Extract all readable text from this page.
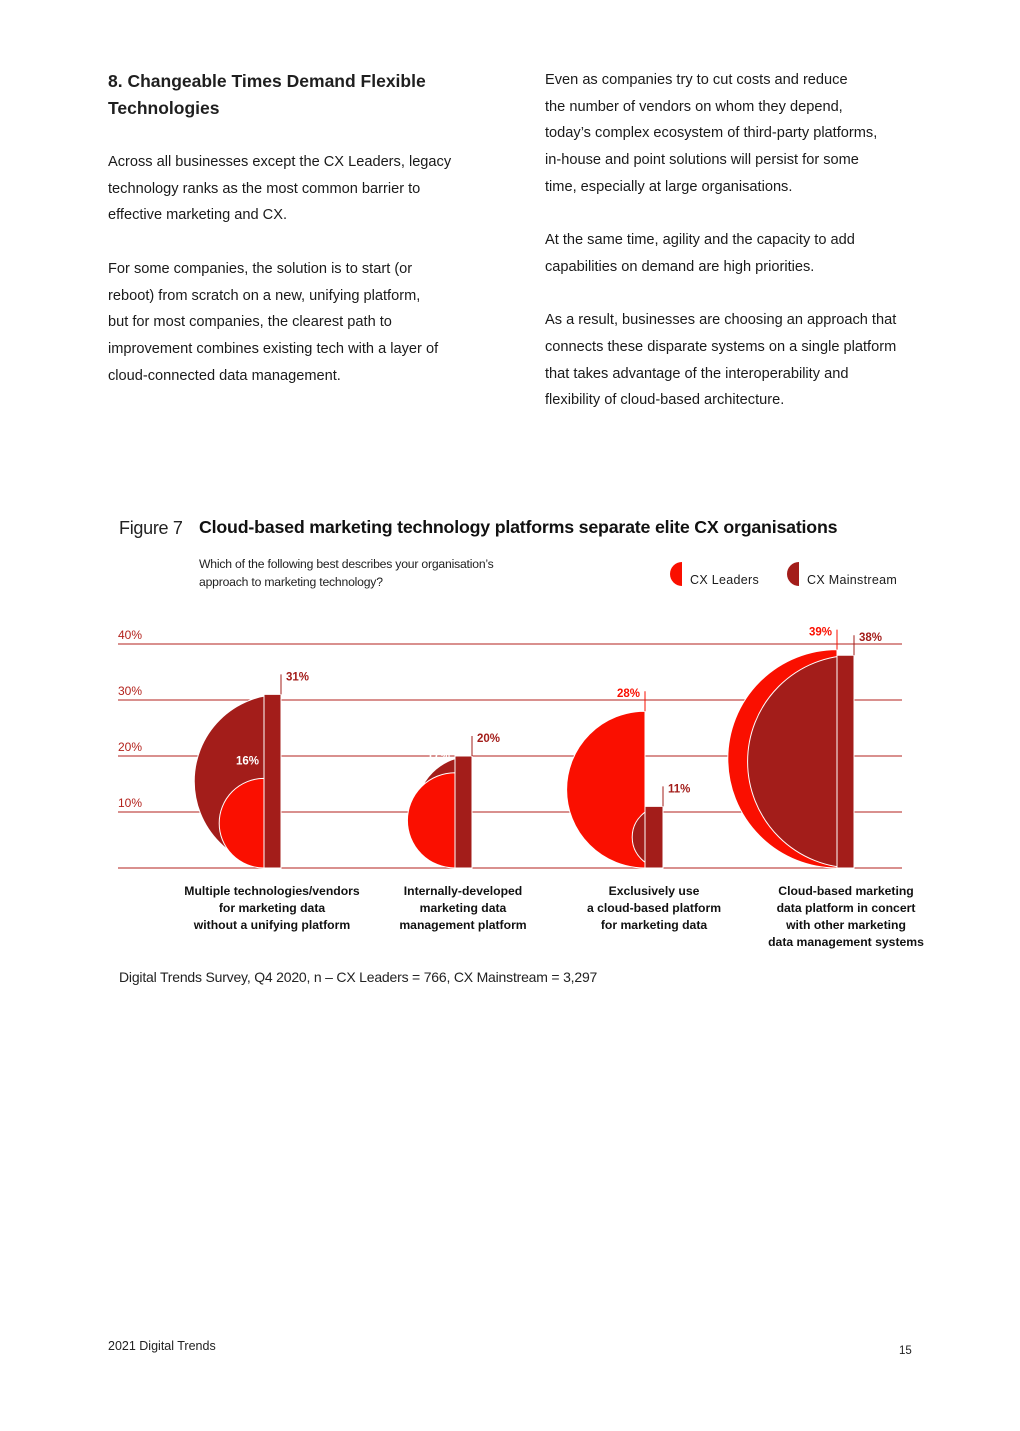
8. Changeable Times Demand Flexible
Technologies

Across all businesses except the CX Leaders, legacy
technology ranks as the most common barrier to
effective marketing and CX.

For some companies, the solution is to start (or
reboot) from scratch on a new, unifying platform,
but for most companies, the clearest path to
improvement combines existing tech with a layer of
cloud-connected data management.

Even as companies try to cut costs and reduce
the number of vendors on whom they depend,
today’s complex ecosystem of third-party platforms,
in-house and point solutions will persist for some
time, especially at large organisations.

At the same time, agility and the capacity to add
capabilities on demand are high priorities.

As a result, businesses are choosing an approach that
connects these disparate systems on a single platform
that takes advantage of the interoperability and
flexibility of cloud-based architecture.

Figure 7 Cloud-based marketing technology platforms separate elite CX organisations
Which of the following best describes your organisation’s
approach to marketing technology?	CX Leaders	CX Mainstream
10%
20%
30%
40%
16%
31%
17%
20%
28%
11%
39% 38%
Multiple technologies/vendors
for marketing data
without a unifying platform
Internally-developed
marketing data
management platform
Exclusively use
a cloud-based platform
for marketing data
Cloud-based marketing
data platform in concert
with other marketing
data management systems
Digital Trends Survey, Q4 2020, n – CX Leaders = 766, CX Mainstream = 3,297
2021 Digital Trends	15
